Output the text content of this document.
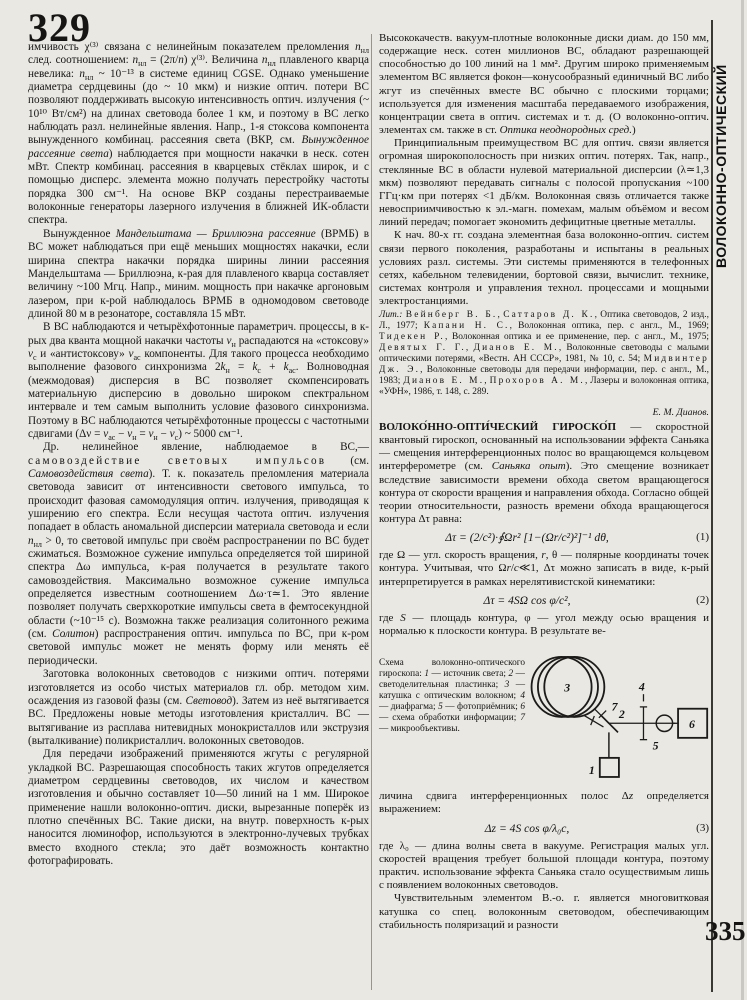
329
ВОЛОКОННО-ОПТИЧЕСКИЙ
335

имчивость χ⁽³⁾ связана с нелинейным показателем преломления $n_{нл}$ след. соотношением: $n_{нл} = (2\pi/n)$ χ⁽³⁾. Величина $n_{нл}$ плавленого кварца невелика: $n_{нл}$ ~ 10⁻¹³ в системе единиц CGSE. Однако уменьшение диаметра сердцевины (до ~ 10 мкм) и низкие оптич. потери ВС позволяют поддерживать высокую интенсивность оптич. излучения (~ 10¹⁰ Вт/см²) на длинах световода более 1 км, и поэтому в ВС легко наблюдать разл. нелинейные явления. Напр., 1-я стоксова компонента вынужденного комбинац. рассеяния света (ВКР, см. Вынужденное рассеяние света) наблюдается при мощности накачки в неск. сотен мВт. Спектр комбинац. рассеяния в кварцевых стёклах широк, и с помощью дисперс. элемента можно получать перестройку частоты порядка 300 см⁻¹. На основе ВКР созданы перестраиваемые волоконные генераторы лазерного излучения в ближней ИК-области спектра.

Вынужденное Мандельштама — Бриллюэна рассеяние (ВРМБ) в ВС может наблюдаться при ещё меньших мощностях накачки, если ширина спектра накачки порядка ширины линии рассеяния Мандельштама — Бриллюэна, к-рая для плавленого кварца составляет величину ~100 Мгц. Напр., миним. мощность при накачке аргоновым лазером, при к-рой наблюдалось ВРМБ в одномодовом световоде длиной 80 м в резонаторе, составляла 15 мВт.

В ВС наблюдаются и четырёхфотонные параметрич. процессы, в к-рых два кванта мощной накачки частоты $\nu_н$ распадаются на «стоксову» $\nu_с$ и «антистоксову» $\nu_{ас}$ компоненты. Для такого процесса необходимо выполнение фазового синхронизма $2k_н = k_с + k_{ас}$. Волноводная (межмодовая) дисперсия в ВС позволяет скомпенсировать материальную дисперсию в довольно широком спектральном интервале и тем самым выполнить условие фазового синхронизма. Поэтому в ВС наблюдаются четырёхфотонные процессы с частотными сдвигами $(\Delta\nu = \nu_{ас} - \nu_н = \nu_н - \nu_с)$ ~ 5000 см⁻¹.

Др. нелинейное явление, наблюдаемое в ВС,— самовоздействие световых импульсов (см. Самовоздействия света). Т. к. показатель преломления материала световода зависит от интенсивности светового импульса, то происходит фазовая самомодуляция оптич. излучения, приводящая к уширению его спектра. Если несущая частота оптич. излучения попадает в область аномальной дисперсии материала световода и если $n_{нл} > 0$, то световой импульс при своём распространении по ВС будет сжиматься. Возможное сужение импульса определяется той шириной спектра Δω импульса, к-рая получается в результате такого самовоздействия. Максимально возможное сужение импульса определяется известным соотношением Δω·τ≃1. Это явление позволяет получать сверхкороткие импульсы света в фемтосекундной области (~10⁻¹⁵ с). Возможна также реализация солитонного режима (см. Солитон) распространения оптич. импульса по ВС, при к-ром световой импульс может не менять форму или менять её периодически.

Заготовка волоконных световодов с низкими оптич. потерями изготовляется из особо чистых материалов гл. обр. методом хим. осаждения из газовой фазы (см. Световод). Затем из неё вытягивается ВС. Предложены новые методы изготовления кристаллич. ВС — вытягивание из расплава нитевидных монокристаллов или экструзия (выталкивание) поликристаллич. волоконных световодов.

Для передачи изображений применяются жгуты с регулярной укладкой ВС. Разрешающая способность таких жгутов определяется диаметром сердцевины световодов, их числом и качеством изготовления и обычно составляет 10—50 линий на 1 мм. Широкое применение нашли волоконно-оптич. диски, вырезанные поперёк из плотно спечённых ВС. Такие диски, на внутр. поверхность к-рых наносится люминофор, используются в электронно-лучевых трубках вместо входного стекла; это даёт возможность контактно фотографировать.

Высококачеств. вакуум-плотные волоконные диски диам. до 150 мм, содержащие неск. сотен миллионов ВС, обладают разрешающей способностью до 100 линий на 1 мм². Другим широко применяемым элементом ВС является фокон—конусообразный единичный ВС либо жгут из спечённых вместе ВС обычно с плоскими торцами; используется для изменения масштаба передаваемого изображения, концентрации света в оптич. системах и т. д. (О волоконно-оптич. элементах см. также в ст. Оптика неоднородных сред.)

Принципиальным преимуществом ВС для оптич. связи является огромная широкополосность при низких оптич. потерях. Так, напр., стеклянные ВС в области нулевой материальной дисперсии (λ≃1,3 мкм) позволяют передавать сигналы с полосой пропускания ~100 ГГц·км при потерях <1 дБ/км. Волоконная связь отличается также невосприимчивостью к эл.-магн. помехам, малым объёмом и весом линий передач; помогает экономить дефицитные цветные металлы.

К нач. 80-х гг. создана элементная база волоконно-оптич. систем связи первого поколения, разработаны и испытаны в реальных условиях разл. системы. Эти системы применяются в телефонных сетях, кабельном телевидении, бортовой связи, вычислит. технике, системах контроля и управления технол. процессами и мощными электростанциями.

Лит.: Вейнберг В. Б., Саттаров Д. К., Оптика световодов, 2 изд., Л., 1977; Капани Н. С., Волоконная оптика, пер. с англ., М., 1969; Тидекен Р., Волоконная оптика и ее применение, пер. с англ., М., 1975; Девятых Г. Г., Дианов Е. М., Волоконные световоды с малыми оптическими потерями, «Вестн. АН СССР», 1981, № 10, с. 54; Мидвинтер Дж. Э., Волоконные световоды для передачи информации, пер. с англ., М., 1983; Дианов Е. М., Прохоров А. М., Лазеры и волоконная оптика, «УФН», 1986, т. 148, с. 289.

Е. М. Дианов.

ВОЛОКО́ННО-ОПТИ́ЧЕСКИЙ ГИРОСКО́П — скоростной квантовый гироскоп, основанный на использовании эффекта Саньяка — смещения интерференционных полос во вращающемся кольцевом интерферометре (см. Саньяка опыт). Это смещение возникает вследствие зависимости времени обхода светом вращающегося контура от скорости вращения и направления обхода. Согласно общей теории относительности, разность времени обхода вращающегося контура Δτ равна:

Δτ = (2/c²)·∮Ωr² [1−(Ωr/c²)²]⁻¹ dθ,	(1)

где Ω — угл. скорость вращения, r, θ — полярные координаты точек контура. Учитывая, что Ωr/c≪1, Δτ можно записать в виде, к-рый интерпретируется в рамках нерелятивистской кинематики:

Δτ = 4SΩ cos φ/c²,	(2)

где S — площадь контура, φ — угол между осью вращения и нормалью к плоскости контура. В результате ве-

Схема волоконно-оптического гироскопа: 1 — источник света; 2 — светоделительная пластинка; 3 — катушка с оптическим волокном; 4 — диафрагма; 5 — фотоприёмник; 6 — схема обработки информации; 7 — микрообъективы.
1
2
3	4
5
6
7

личина сдвига интерференционных полос Δz определяется выражением:

Δz = 4S cos φ/λ₀c,	(3)

где λ₀ — длина волны света в вакууме. Регистрация малых угл. скоростей вращения требует большой площади контура, поэтому практич. использование эффекта Саньяка стало осуществимым лишь с появлением волоконных световодов.

Чувствительным элементом В.-о. г. является многовитковая катушка со спец. волоконным световодом, обеспечивающим стабильность поляризаций и разности
